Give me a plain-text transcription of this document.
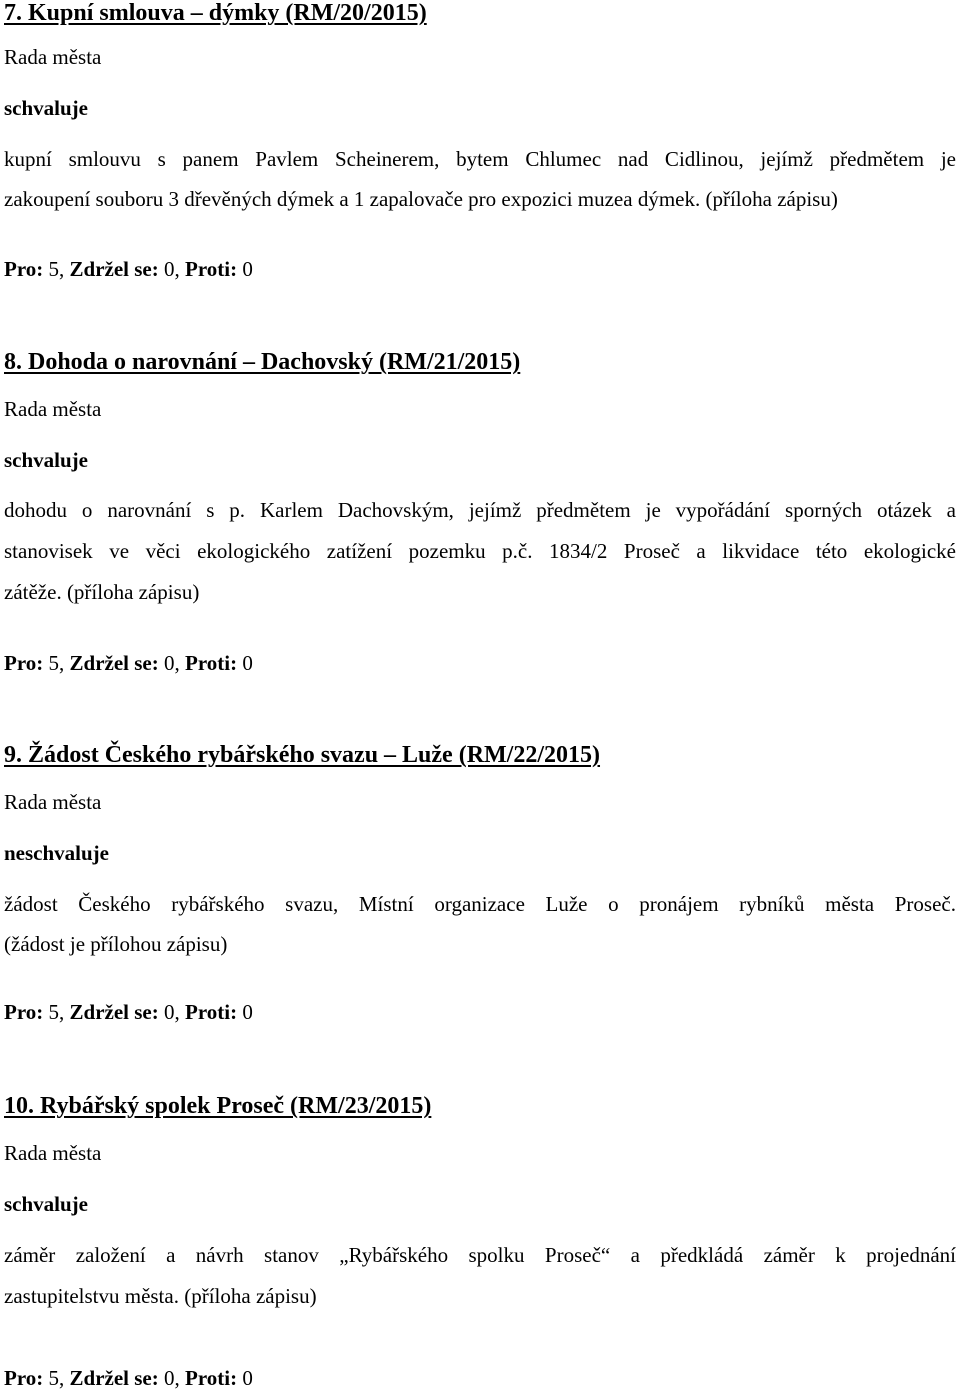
7. Kupní smlouva – dýmky (RM/20/2015)
Rada města
schvaluje
kupní smlouvu s panem Pavlem Scheinerem, bytem Chlumec nad Cidlinou, jejímž předmětem je
zakoupení souboru 3 dřevěných dýmek a 1 zapalovače pro expozici muzea dýmek. (příloha zápisu)
Pro: 5, Zdržel se: 0, Proti: 0
8. Dohoda o narovnání – Dachovský (RM/21/2015)
Rada města
schvaluje
dohodu o narovnání s p. Karlem Dachovským, jejímž předmětem je vypořádání sporných otázek a
stanovisek ve věci ekologického zatížení pozemku p.č. 1834/2 Proseč a likvidace této ekologické
zátěže. (příloha zápisu)
Pro: 5, Zdržel se: 0, Proti: 0
9. Žádost Českého rybářského svazu – Luže (RM/22/2015)
Rada města
neschvaluje
žádost Českého rybářského svazu, Místní organizace Luže o pronájem rybníků města Proseč.
(žádost je přílohou zápisu)
Pro: 5, Zdržel se: 0, Proti: 0
10. Rybářský spolek Proseč (RM/23/2015)
Rada města
schvaluje
záměr založení a návrh stanov „Rybářského spolku Proseč“ a předkládá záměr k projednání
zastupitelstvu města. (příloha zápisu)
Pro: 5, Zdržel se: 0, Proti: 0
